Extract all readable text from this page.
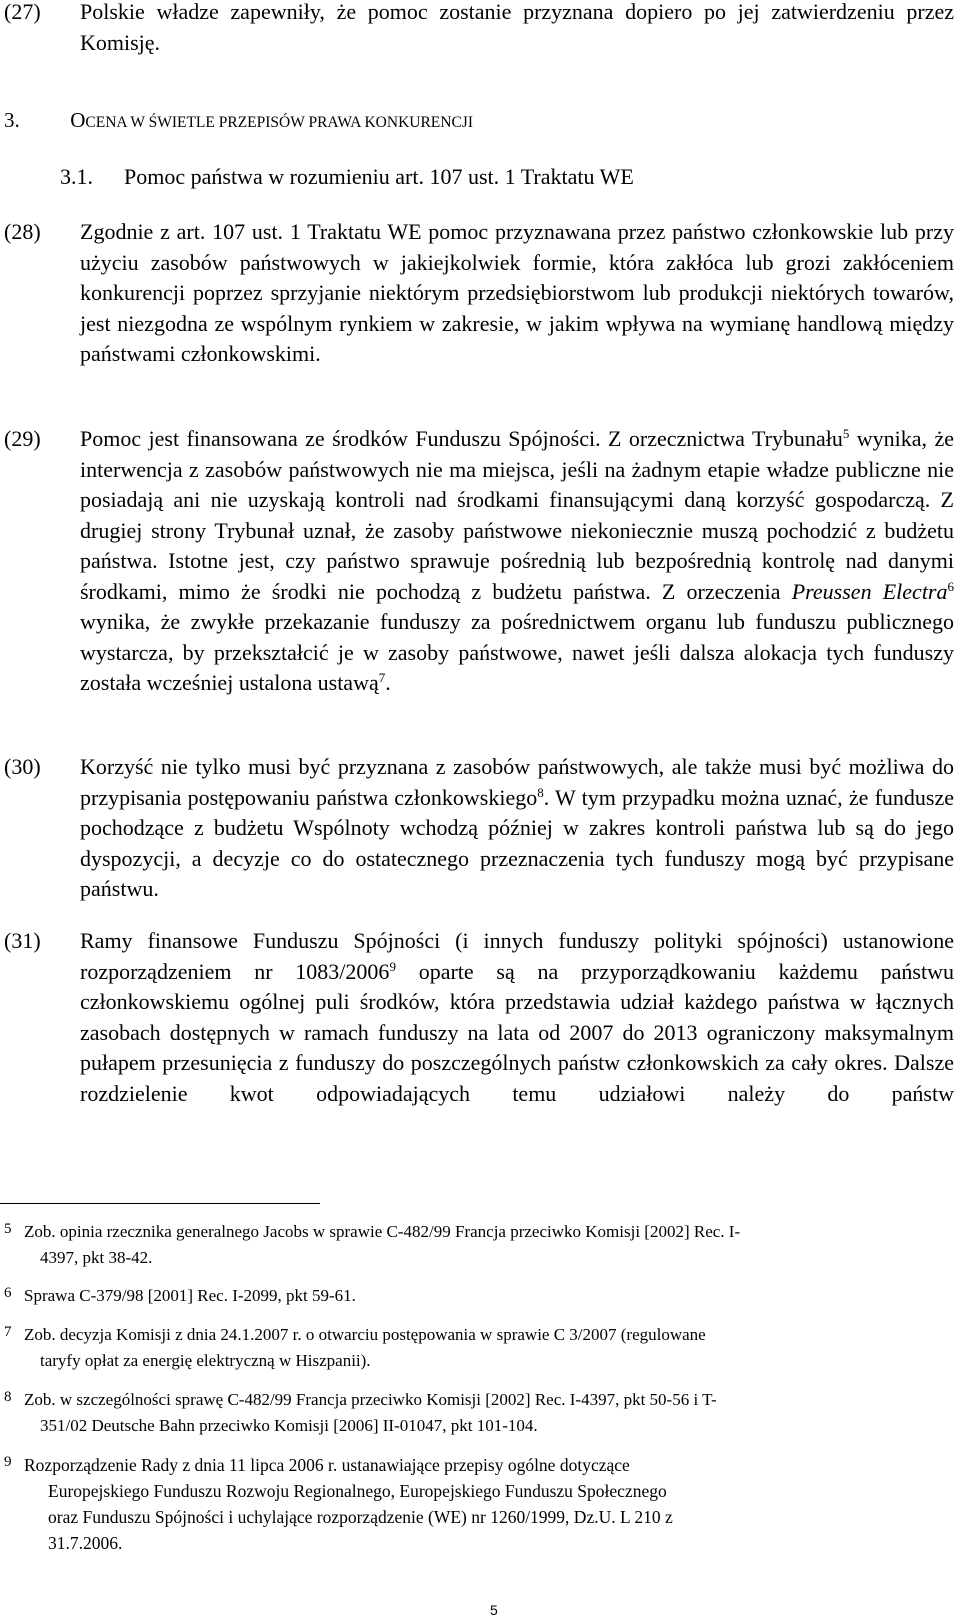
(27) Polskie władze zapewniły, że pomoc zostanie przyznana dopiero po jej zatwierdzeniu przez Komisję.
3. OCENA W ŚWIETLE PRZEPISÓW PRAWA KONKURENCJI
3.1. Pomoc państwa w rozumieniu art. 107 ust. 1 Traktatu WE
(28) Zgodnie z art. 107 ust. 1 Traktatu WE pomoc przyznawana przez państwo członkowskie lub przy użyciu zasobów państwowych w jakiejkolwiek formie, która zakłóca lub grozi zakłóceniem konkurencji poprzez sprzyjanie niektórym przedsiębiorstwom lub produkcji niektórych towarów, jest niezgodna ze wspólnym rynkiem w zakresie, w jakim wpływa na wymianę handlową między państwami członkowskimi.
(29) Pomoc jest finansowana ze środków Funduszu Spójności. Z orzecznictwa Trybunału$^5$ wynika, że interwencja z zasobów państwowych nie ma miejsca, jeśli na żadnym etapie władze publiczne nie posiadają ani nie uzyskają kontroli nad środkami finansującymi daną korzyść gospodarczą. Z drugiej strony Trybunał uznał, że zasoby państwowe niekoniecznie muszą pochodzić z budżetu państwa. Istotne jest, czy państwo sprawuje pośrednią lub bezpośrednią kontrolę nad danymi środkami, mimo że środki nie pochodzą z budżetu państwa. Z orzeczenia Preussen Electra$^6$ wynika, że zwykłe przekazanie funduszy za pośrednictwem organu lub funduszu publicznego wystarcza, by przekształcić je w zasoby państwowe, nawet jeśli dalsza alokacja tych funduszy została wcześniej ustalona ustawą$^7$.
(30) Korzyść nie tylko musi być przyznana z zasobów państwowych, ale także musi być możliwa do przypisania postępowaniu państwa członkowskiego$^8$. W tym przypadku można uznać, że fundusze pochodzące z budżetu Wspólnoty wchodzą później w zakres kontroli państwa lub są do jego dyspozycji, a decyzje co do ostatecznego przeznaczenia tych funduszy mogą być przypisane państwu.
(31) Ramy finansowe Funduszu Spójności (i innych funduszy polityki spójności) ustanowione rozporządzeniem nr 1083/2006$^9$ oparte są na przyporządkowaniu każdemu państwu członkowskiemu ogólnej puli środków, która przedstawia udział każdego państwa w łącznych zasobach dostępnych w ramach funduszy na lata od 2007 do 2013 ograniczony maksymalnym pułapem przesunięcia z funduszy do poszczególnych państw członkowskich za cały okres. Dalsze rozdzielenie kwot odpowiadających temu udziałowi należy do państw
5 Zob. opinia rzecznika generalnego Jacobs w sprawie C-482/99 Francja przeciwko Komisji [2002] Rec. I-
4397, pkt 38-42.
6 Sprawa C-379/98 [2001] Rec. I-2099, pkt 59-61.
7 Zob. decyzja Komisji z dnia 24.1.2007 r. o otwarciu postępowania w sprawie C 3/2007 (regulowane
taryfy opłat za energię elektryczną w Hiszpanii).
8 Zob. w szczególności sprawę C-482/99 Francja przeciwko Komisji [2002] Rec. I-4397, pkt 50-56 i T-
351/02 Deutsche Bahn przeciwko Komisji [2006] II-01047, pkt 101-104.
9 Rozporządzenie Rady z dnia 11 lipca 2006 r. ustanawiające przepisy ogólne dotyczące
Europejskiego Funduszu Rozwoju Regionalnego, Europejskiego Funduszu Społecznego
oraz Funduszu Spójności i uchylające rozporządzenie (WE) nr 1260/1999, Dz.U. L 210 z
31.7.2006.
5
